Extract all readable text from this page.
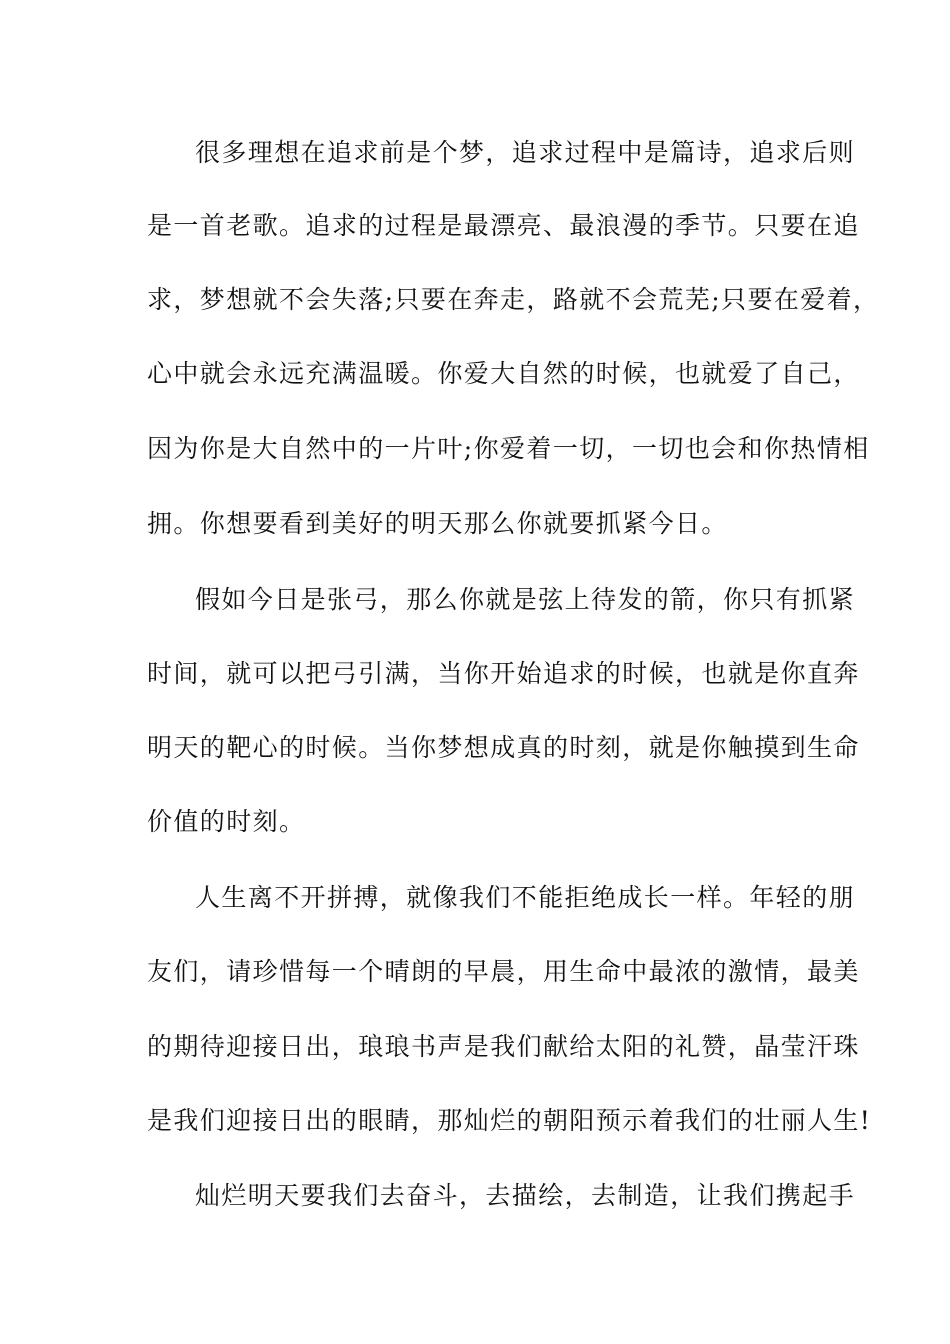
很多理想在追求前是个梦，追求过程中是篇诗，追求后则
是一首老歌。追求的过程是最漂亮、最浪漫的季节。只要在追
求，梦想就不会失落;只要在奔走，路就不会荒芜;只要在爱着，
心中就会永远充满温暖。你爱大自然的时候，也就爱了自己，
因为你是大自然中的一片叶;你爱着一切，一切也会和你热情相
拥。你想要看到美好的明天那么你就要抓紧今日。
假如今日是张弓，那么你就是弦上待发的箭，你只有抓紧
时间，就可以把弓引满，当你开始追求的时候，也就是你直奔
明天的靶心的时候。当你梦想成真的时刻，就是你触摸到生命
价值的时刻。
人生离不开拼搏，就像我们不能拒绝成长一样。年轻的朋
友们，请珍惜每一个晴朗的早晨，用生命中最浓的激情，最美
的期待迎接日出，琅琅书声是我们献给太阳的礼赞，晶莹汗珠
是我们迎接日出的眼睛，那灿烂的朝阳预示着我们的壮丽人生!
灿烂明天要我们去奋斗，去描绘，去制造，让我们携起手
